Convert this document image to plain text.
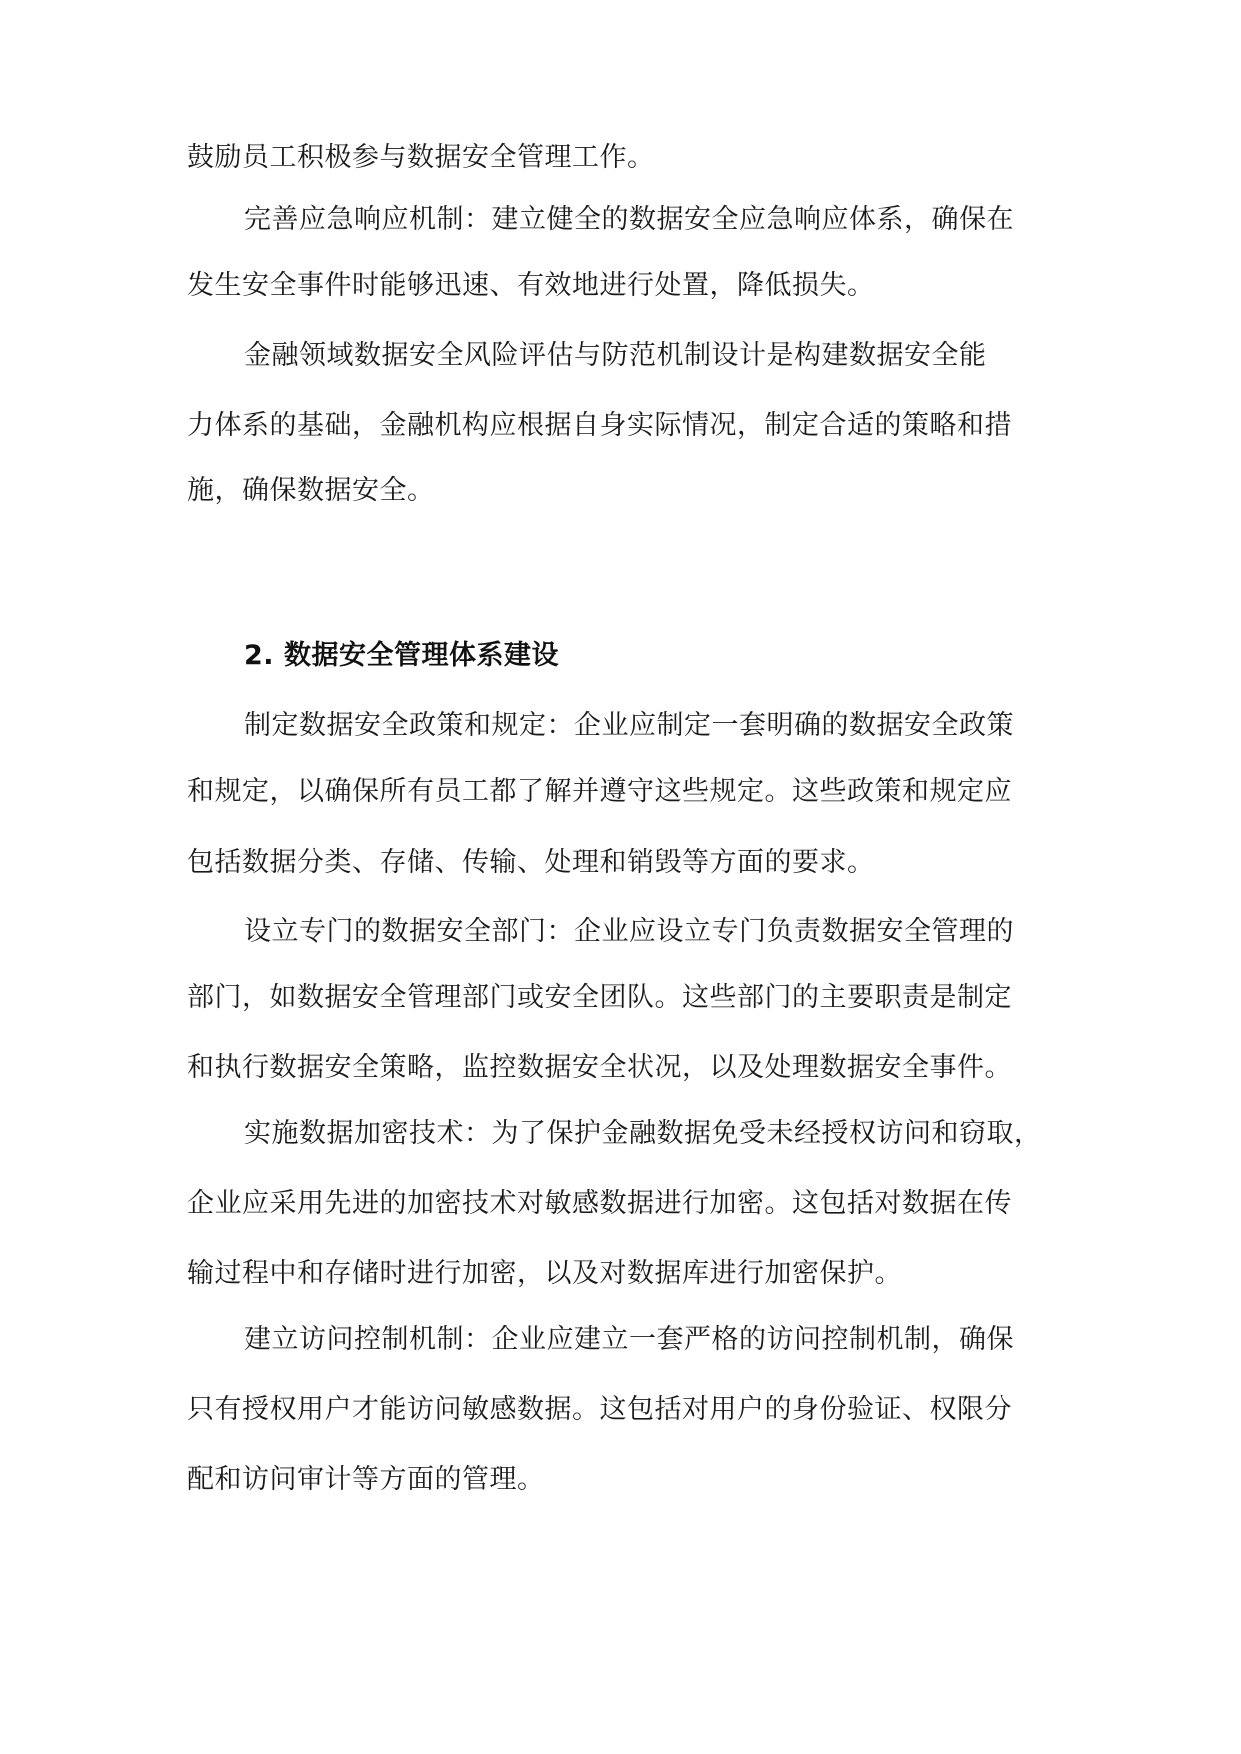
鼓励员工积极参与数据安全管理工作。

完善应急响应机制：建立健全的数据安全应急响应体系，确保在

发生安全事件时能够迅速、有效地进行处置，降低损失。

金融领域数据安全风险评估与防范机制设计是构建数据安全能

力体系的基础，金融机构应根据自身实际情况，制定合适的策略和措

施，确保数据安全。

2. 数据安全管理体系建设

制定数据安全政策和规定：企业应制定一套明确的数据安全政策

和规定，以确保所有员工都了解并遵守这些规定。这些政策和规定应

包括数据分类、存储、传输、处理和销毁等方面的要求。

设立专门的数据安全部门：企业应设立专门负责数据安全管理的

部门，如数据安全管理部门或安全团队。这些部门的主要职责是制定

和执行数据安全策略，监控数据安全状况，以及处理数据安全事件。

实施数据加密技术：为了保护金融数据免受未经授权访问和窃取，

企业应采用先进的加密技术对敏感数据进行加密。这包括对数据在传

输过程中和存储时进行加密，以及对数据库进行加密保护。

建立访问控制机制：企业应建立一套严格的访问控制机制，确保

只有授权用户才能访问敏感数据。这包括对用户的身份验证、权限分

配和访问审计等方面的管理。
